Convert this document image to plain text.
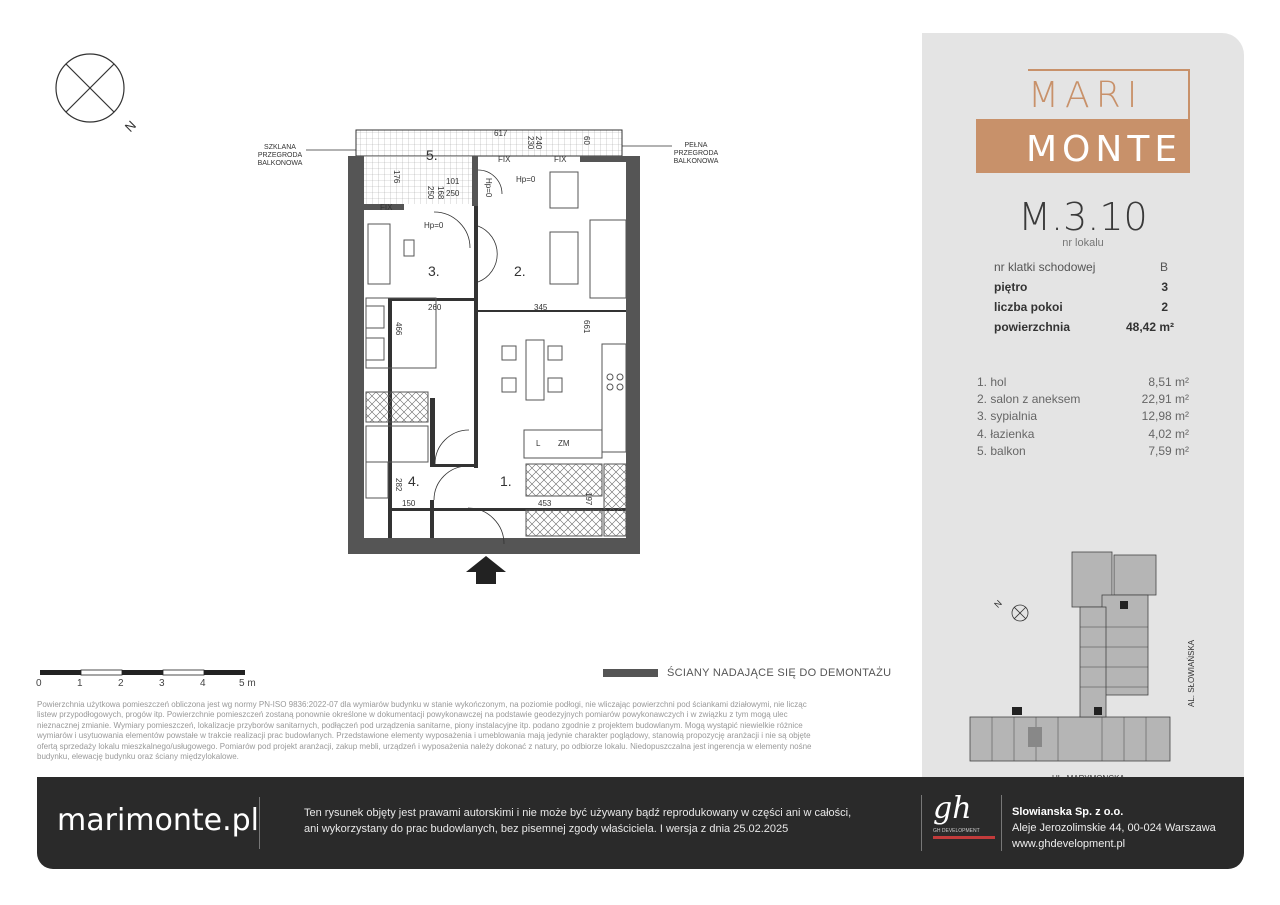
N
1.
2.
3.
4.
5.
617
176
260	345
466	661
282
150	453	197
101
168 250
250
240
230	60
FIX	FIX
FIX
Hp=0
Hp=0
Hp=0
L ZM
SZKLANA
PRZEGRODA
BALKONOWA
PEŁNA
PRZEGRODA
BALKONOWA
0	1	2	3	4	5 m
ŚCIANY NADAJĄCE SIĘ DO DEMONTAŻU
Powierzchnia użytkowa pomieszczeń obliczona jest wg normy PN-ISO 9836:2022-07 dla wymiarów budynku w stanie wykończonym, na poziomie podłogi, nie wliczając powierzchni pod ściankami działowymi, nie licząc listew przypodłogowych, progów itp. Powierzchnie pomieszczeń zostaną ponownie określone w dokumentacji powykonawczej na podstawie geodezyjnych pomiarów powykonawczych i w związku z tym mogą ulec nieznacznej zmianie. Wymiary pomieszczeń, lokalizacje przyborów sanitarnych, podłączeń pod urządzenia sanitarne, piony instalacyjne itp. podano zgodnie z projektem budowlanym. Mogą wystąpić niewielkie różnice wymiarów i usytuowania elementów powstałe w trakcie realizacji prac budowlanych. Przedstawione elementy wyposażenia i umeblowania mają jedynie charakter poglądowy, stanowią propozycję aranżacji i nie są objęte ofertą sprzedaży lokalu mieszkalnego/usługowego. Pomiarów pod projekt aranżacji, zakup mebli, urządzeń i wyposażenia należy dokonać z natury, po odbiorze lokalu. Niedopuszczalna jest ingerencja w elementy nośne budynku, elewację budynku oraz ściany międzylokalowe.
MARI
MONTE
M.3.10
nr lokalu
nr klatki schodowej	B
piętro	3
liczba pokoi	2
powierzchnia	48,42 m²
1. hol	8,51 m²
2. salon z aneksem	22,91 m²
3. sypialnia	12,98 m²
4. łazienka	4,02 m²
5. balkon	7,59 m²
N
AL. SŁOWIAŃSKA
marimonte.pl	Ten rysunek objęty jest prawami autorskimi i nie może być używany bądź reprodukowany w części ani w całości,
ani wykorzystany do prac budowlanych, bez pisemnej zgody właściciela. I wersja z dnia 25.02.2025
gh
GH DEVELOPMENT
Slowianska Sp. z o.o.
Aleje Jerozolimskie 44, 00-024 Warszawa
www.ghdevelopment.pl
